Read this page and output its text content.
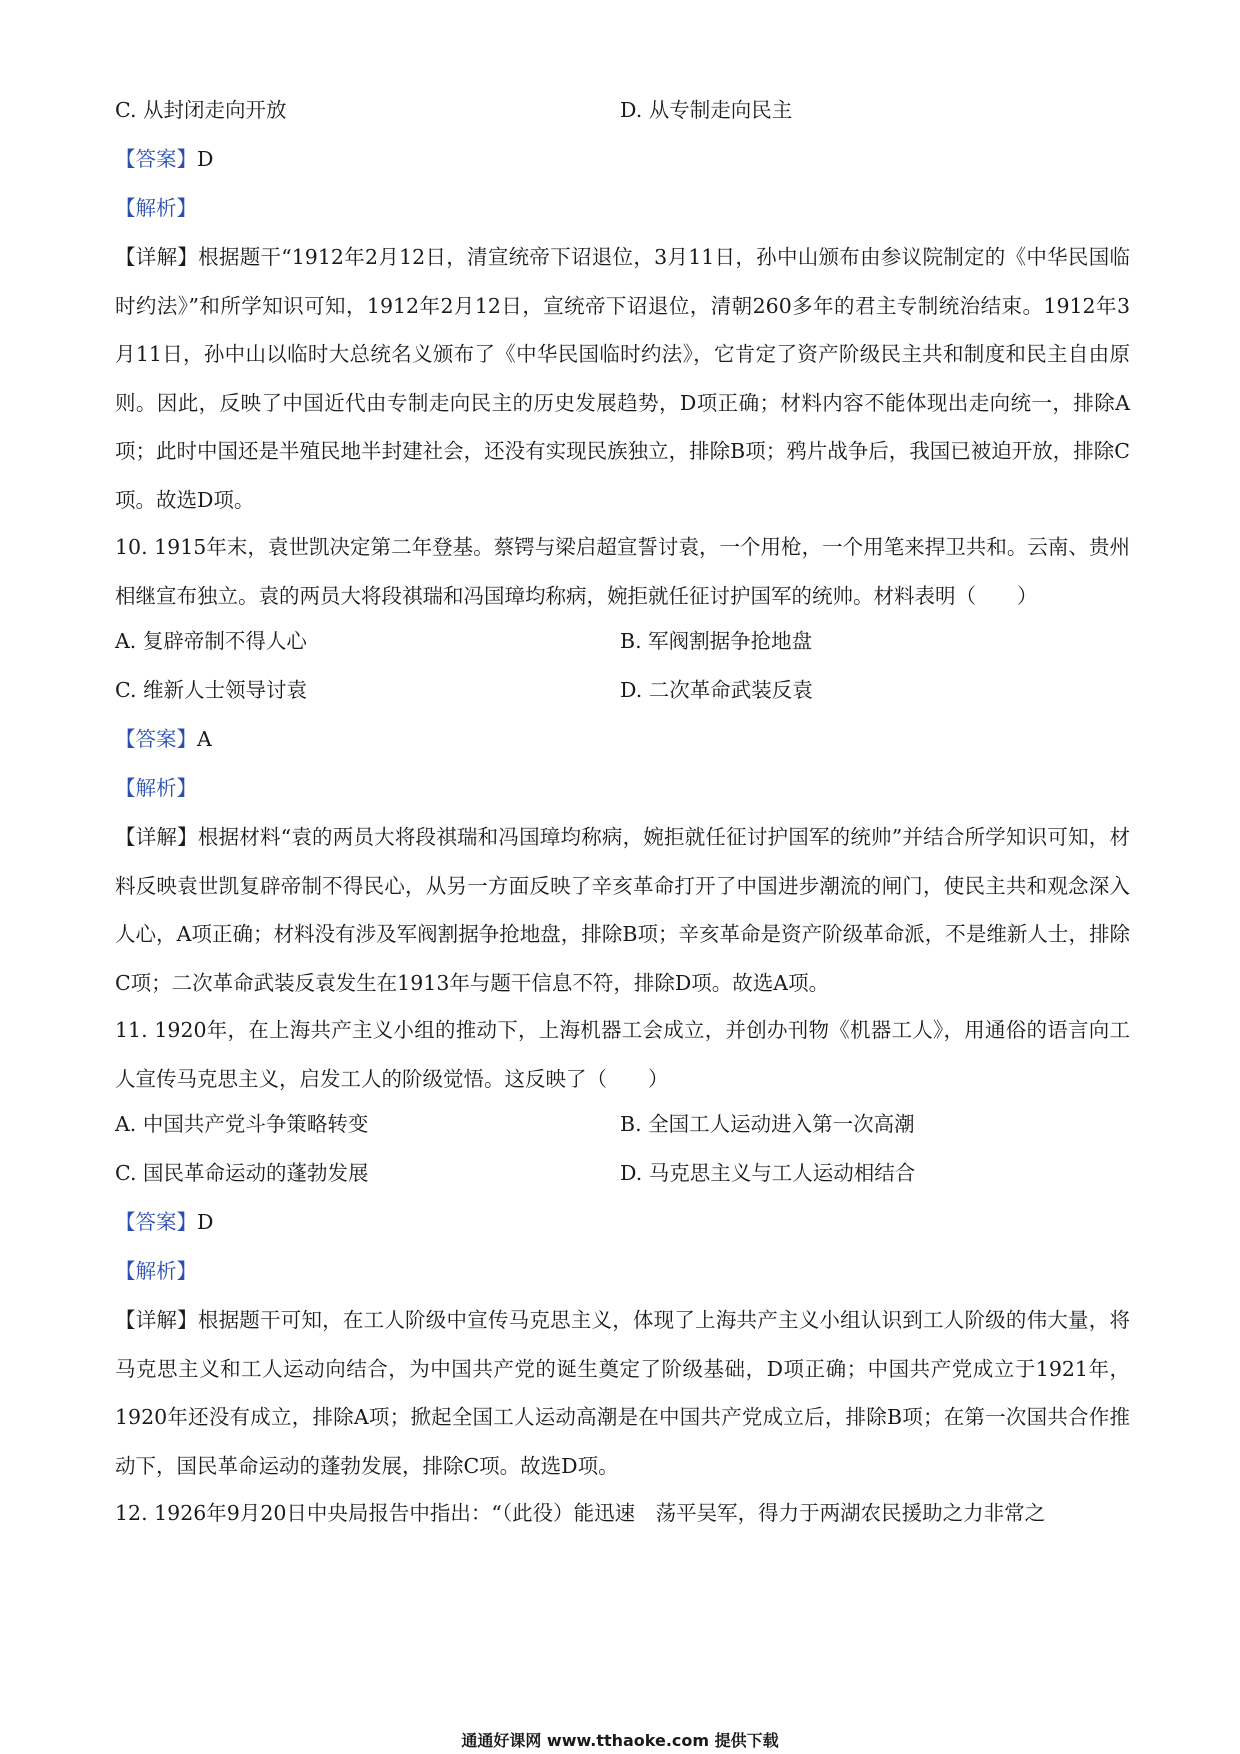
C. 从封闭走向开放	D. 从专制走向民主
【答案】D
【解析】
【详解】根据题干“1912年2月12日，清宣统帝下诏退位，3月11日，孙中山颁布由参议院制定的《中华民国临时约法》”和所学知识可知，1912年2月12日，宣统帝下诏退位，清朝260多年的君主专制统治结束。1912年3月11日，孙中山以临时大总统名义颁布了《中华民国临时约法》，它肯定了资产阶级民主共和制度和民主自由原则。因此，反映了中国近代由专制走向民主的历史发展趋势，D项正确；材料内容不能体现出走向统一，排除A项；此时中国还是半殖民地半封建社会，还没有实现民族独立，排除B项；鸦片战争后，我国已被迫开放，排除C项。故选D项。
10. 1915年末，袁世凯决定第二年登基。蔡锷与梁启超宣誓讨袁，一个用枪，一个用笔来捍卫共和。云南、贵州相继宣布独立。袁的两员大将段祺瑞和冯国璋均称病，婉拒就任征讨护国军的统帅。材料表明（　　）
A. 复辟帝制不得人心	B. 军阀割据争抢地盘
C. 维新人士领导讨袁	D. 二次革命武装反袁
【答案】A
【解析】
【详解】根据材料“袁的两员大将段祺瑞和冯国璋均称病，婉拒就任征讨护国军的统帅”并结合所学知识可知，材料反映袁世凯复辟帝制不得民心，从另一方面反映了辛亥革命打开了中国进步潮流的闸门，使民主共和观念深入人心，A项正确；材料没有涉及军阀割据争抢地盘，排除B项；辛亥革命是资产阶级革命派，不是维新人士，排除C项；二次革命武装反袁发生在1913年与题干信息不符，排除D项。故选A项。
11. 1920年，在上海共产主义小组的推动下，上海机器工会成立，并创办刊物《机器工人》，用通俗的语言向工人宣传马克思主义，启发工人的阶级觉悟。这反映了（　　）
A. 中国共产党斗争策略转变	B. 全国工人运动进入第一次高潮
C. 国民革命运动的蓬勃发展	D. 马克思主义与工人运动相结合
【答案】D
【解析】
【详解】根据题干可知，在工人阶级中宣传马克思主义，体现了上海共产主义小组认识到工人阶级的伟大量，将马克思主义和工人运动向结合，为中国共产党的诞生奠定了阶级基础，D项正确；中国共产党成立于1921年，1920年还没有成立，排除A项；掀起全国工人运动高潮是在中国共产党成立后，排除B项；在第一次国共合作推动下，国民革命运动的蓬勃发展，排除C项。故选D项。
12. 1926年9月20日中央局报告中指出：“（此役）能迅速　荡平吴军，得力于两湖农民援助之力非常之
通通好课网 www.tthaoke.com 提供下载
